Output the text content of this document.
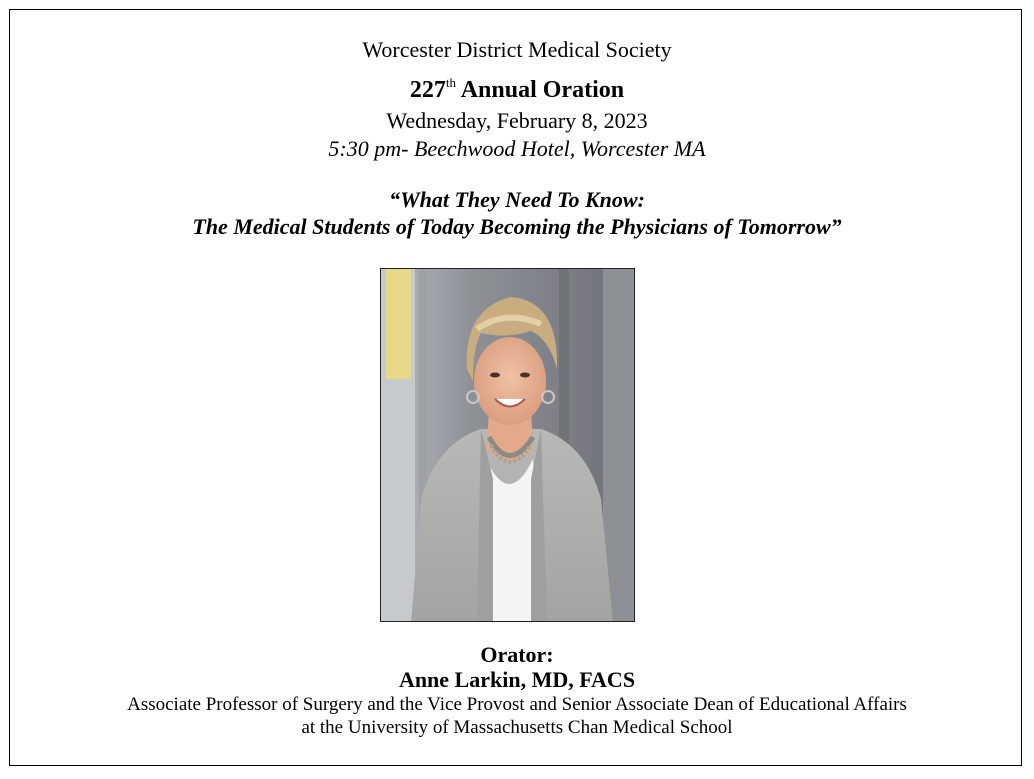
Worcester District Medical Society
227th Annual Oration
Wednesday, February 8, 2023
5:30 pm- Beechwood Hotel, Worcester MA
“What They Need To Know:
The Medical Students of Today Becoming the Physicians of Tomorrow”
Orator:
Anne Larkin, MD, FACS
Associate Professor of Surgery and the Vice Provost and Senior Associate Dean of Educational Affairs
at the University of Massachusetts Chan Medical School
